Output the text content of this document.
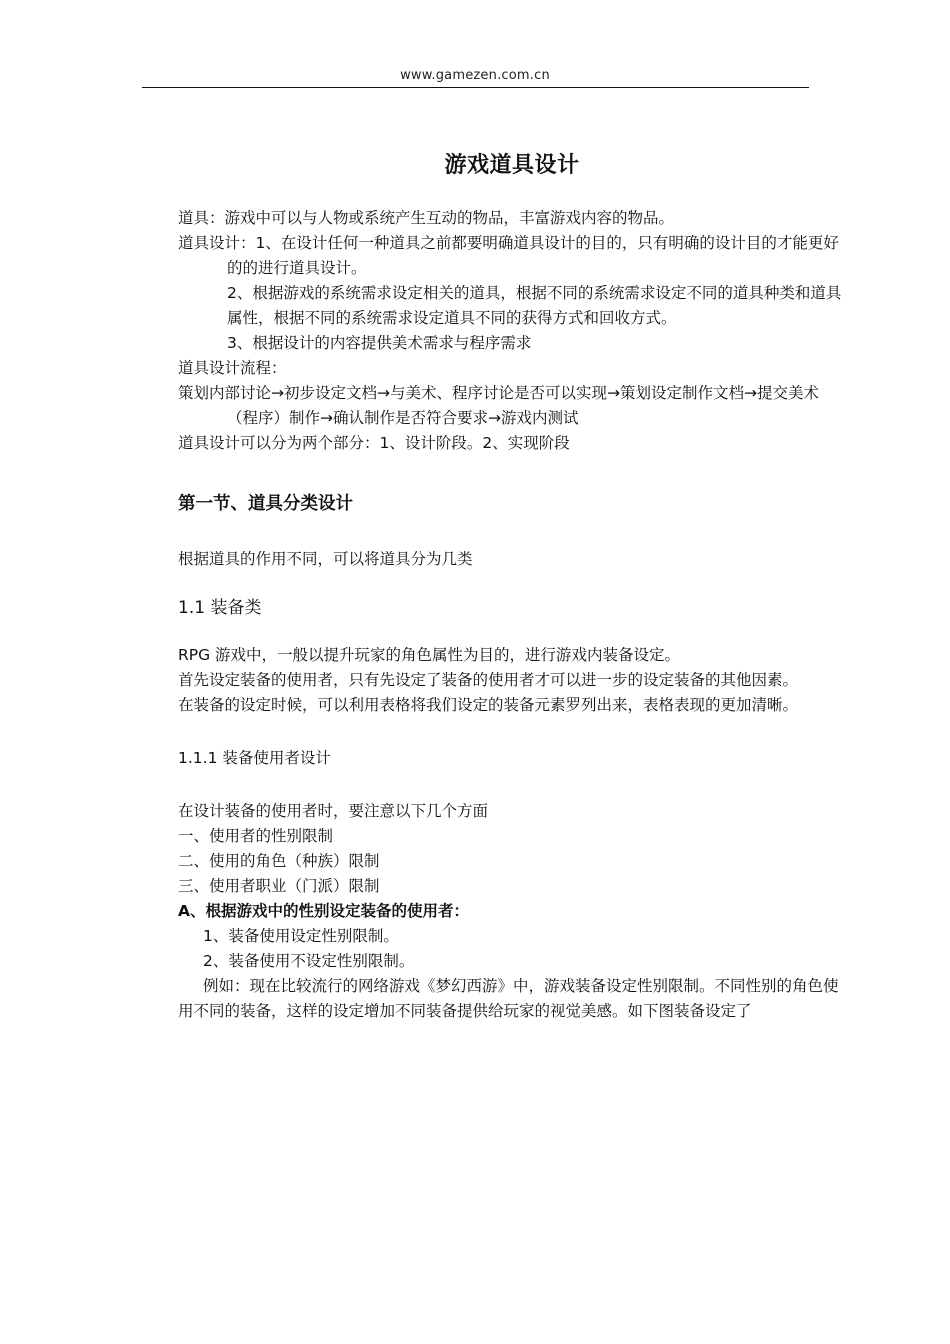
www.gamezen.com.cn
游戏道具设计

道具：游戏中可以与人物或系统产生互动的物品，丰富游戏内容的物品。

道具设计：1、在设计任何一种道具之前都要明确道具设计的目的，只有明确的设计目的才能更好的的进行道具设计。

2、根据游戏的系统需求设定相关的道具，根据不同的系统需求设定不同的道具种类和道具属性，根据不同的系统需求设定道具不同的获得方式和回收方式。

3、根据设计的内容提供美术需求与程序需求

道具设计流程：

策划内部讨论→初步设定文档→与美术、程序讨论是否可以实现→策划设定制作文档→提交美术（程序）制作→确认制作是否符合要求→游戏内测试

道具设计可以分为两个部分：1、设计阶段。2、实现阶段

第一节、道具分类设计

根据道具的作用不同，可以将道具分为几类

1.1 装备类

RPG 游戏中，一般以提升玩家的角色属性为目的，进行游戏内装备设定。

首先设定装备的使用者，只有先设定了装备的使用者才可以进一步的设定装备的其他因素。

在装备的设定时候，可以利用表格将我们设定的装备元素罗列出来，表格表现的更加清晰。

1.1.1 装备使用者设计

在设计装备的使用者时，要注意以下几个方面

一、使用者的性别限制

二、使用的角色（种族）限制

三、使用者职业（门派）限制

A、根据游戏中的性别设定装备的使用者：

1、装备使用设定性别限制。

2、装备使用不设定性别限制。

例如：现在比较流行的网络游戏《梦幻西游》中，游戏装备设定性别限制。不同性别的角色使用不同的装备，这样的设定增加不同装备提供给玩家的视觉美感。如下图装备设定了
